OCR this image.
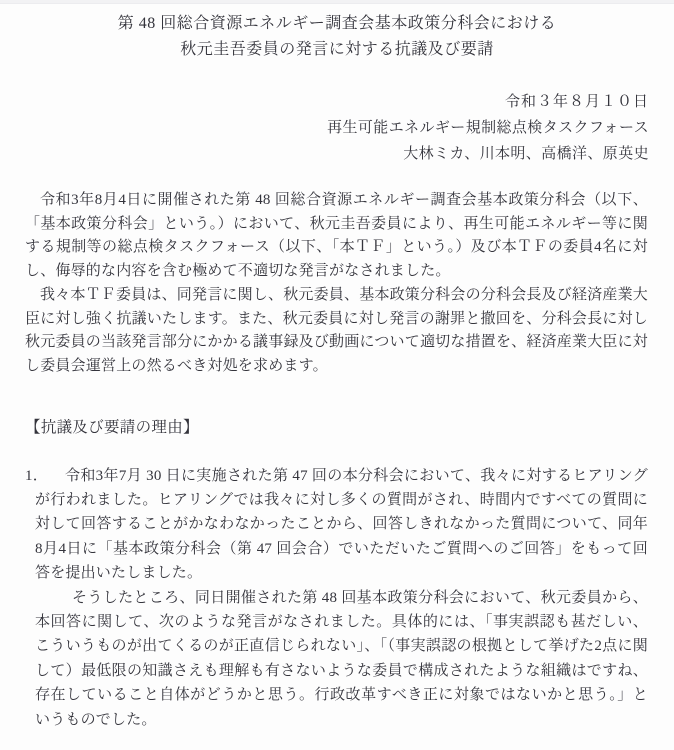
第 48 回総合資源エネルギー調査会基本政策分科会における
秋元圭吾委員の発言に対する抗議及び要請
令和３年８月１０日
再生可能エネルギー規制総点検タスクフォース
大林ミカ、川本明、高橋洋、原英史

令和3年8月4日に開催された第 48 回総合資源エネルギー調査会基本政策分科会（以下、「基本政策分科会」という。）において、秋元圭吾委員により、再生可能エネルギー等に関する規制等の総点検タスクフォース（以下、「本ＴＦ」という。）及び本ＴＦの委員4名に対し、侮辱的な内容を含む極めて不適切な発言がなされました。

我々本ＴＦ委員は、同発言に関し、秋元委員、基本政策分科会の分科会長及び経済産業大臣に対し強く抗議いたします。また、秋元委員に対し発言の謝罪と撤回を、分科会長に対し秋元委員の当該発言部分にかかる議事録及び動画について適切な措置を、経済産業大臣に対し委員会運営上の然るべき対処を求めます。

【抗議及び要請の理由】
1．	令和3年7月 30 日に実施された第 47 回の本分科会において、我々に対するヒアリングが行われました。ヒアリングでは我々に対し多くの質問がされ、時間内ですべての質問に対して回答することがかなわなかったことから、回答しきれなかった質問について、同年8月4日に「基本政策分科会（第 47 回会合）でいただいたご質問へのご回答」をもって回答を提出いたしました。

そうしたところ、同日開催された第 48 回基本政策分科会において、秋元委員から、本回答に関して、次のような発言がなされました。具体的には、「事実誤認も甚だしい、こういうものが出てくるのが正直信じられない」、「（事実誤認の根拠として挙げた2点に関して）最低限の知識さえも理解も有さないような委員で構成されたような組織はですね、存在していること自体がどうかと思う。行政改革すべき正に対象ではないかと思う。」というものでした。
